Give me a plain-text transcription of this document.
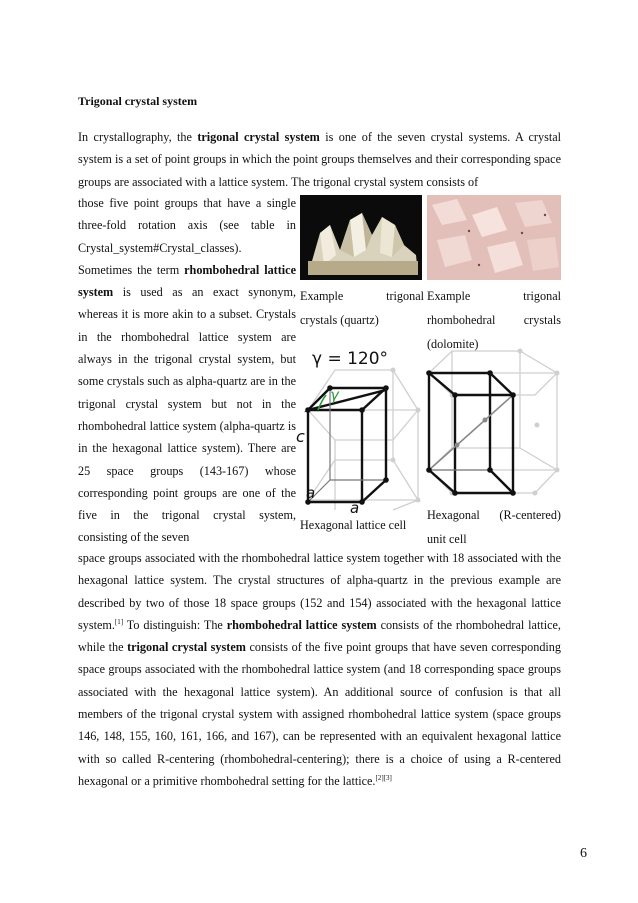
Trigonal crystal system
In crystallography, the trigonal crystal system is one of the seven crystal systems. A crystal system is a set of point groups in which the point groups themselves and their corresponding space groups are associated with a lattice system. The trigonal crystal system consists of
those five point groups that have a single three-fold rotation axis (see table in Crystal_system#Crystal_classes).
Sometimes the term rhombohedral lattice system is used as an exact synonym, whereas it is more akin to a subset. Crystals in the rhombohedral lattice system are always in the trigonal crystal system, but some crystals such as alpha-quartz are in the trigonal crystal system but not in the rhombohedral lattice system (alpha-quartz is in the hexagonal lattice system). There are 25 space groups (143-167) whose corresponding point groups are one of the five in the trigonal crystal system, consisting of the seven
Example trigonal crystals (quartz)
Example trigonal rhombohedral crystals (dolomite)
γ = 120°
γ
c
a
a
Hexagonal lattice cell
Hexagonal (R-centered) unit cell
space groups associated with the rhombohedral lattice system together with 18 associated with the hexagonal lattice system. The crystal structures of alpha-quartz in the previous example are described by two of those 18 space groups (152 and 154) associated with the hexagonal lattice system.[1] To distinguish: The rhombohedral lattice system consists of the rhombohedral lattice, while the trigonal crystal system consists of the five point groups that have seven corresponding space groups associated with the rhombohedral lattice system (and 18 corresponding space groups associated with the hexagonal lattice system). An additional source of confusion is that all members of the trigonal crystal system with assigned rhombohedral lattice system (space groups 146, 148, 155, 160, 161, 166, and 167), can be represented with an equivalent hexagonal lattice with so called R-centering (rhombohedral-centering); there is a choice of using a R-centered hexagonal or a primitive rhombohedral setting for the lattice.[2][3]
6
